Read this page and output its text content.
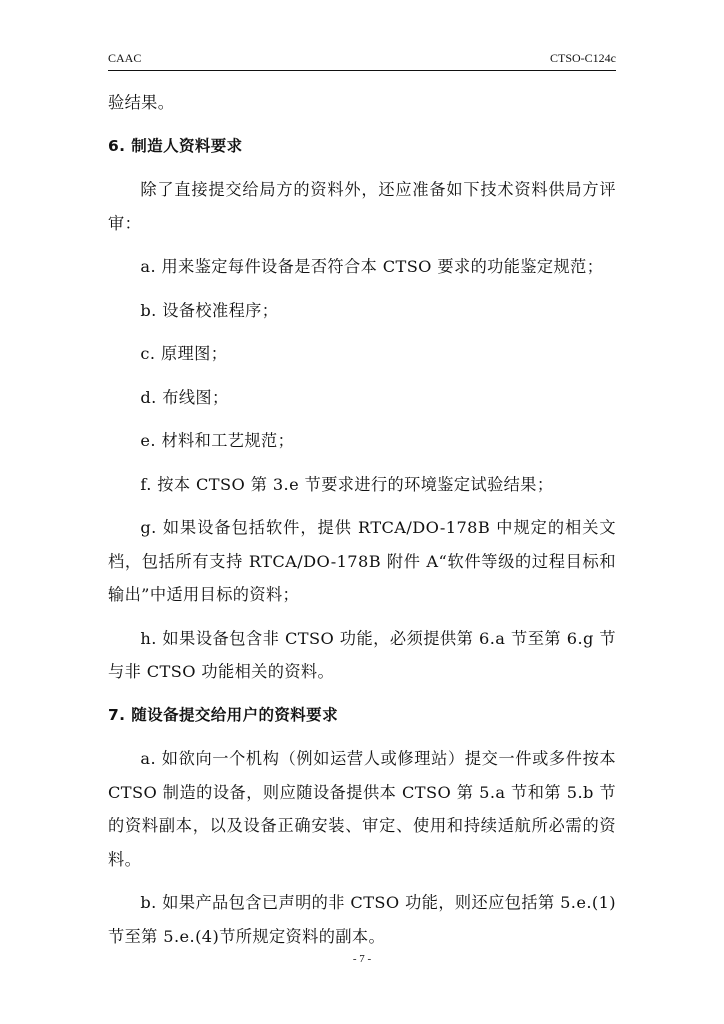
CAAC	CTSO-C124c

验结果。

6. 制造人资料要求

除了直接提交给局方的资料外，还应准备如下技术资料供局方评审：

a. 用来鉴定每件设备是否符合本 CTSO 要求的功能鉴定规范；

b. 设备校准程序；

c. 原理图；

d. 布线图；

e. 材料和工艺规范；

f. 按本 CTSO 第 3.e 节要求进行的环境鉴定试验结果；

g. 如果设备包括软件，提供 RTCA/DO-178B 中规定的相关文档，包括所有支持 RTCA/DO-178B 附件 A“软件等级的过程目标和输出”中适用目标的资料；

h. 如果设备包含非 CTSO 功能，必须提供第 6.a 节至第 6.g 节与非 CTSO 功能相关的资料。

7. 随设备提交给用户的资料要求

a. 如欲向一个机构（例如运营人或修理站）提交一件或多件按本 CTSO 制造的设备，则应随设备提供本 CTSO 第 5.a 节和第 5.b 节的资料副本，以及设备正确安装、审定、使用和持续适航所必需的资料。

b. 如果产品包含已声明的非 CTSO 功能，则还应包括第 5.e.(1) 节至第 5.e.(4)节所规定资料的副本。

- 7 -
